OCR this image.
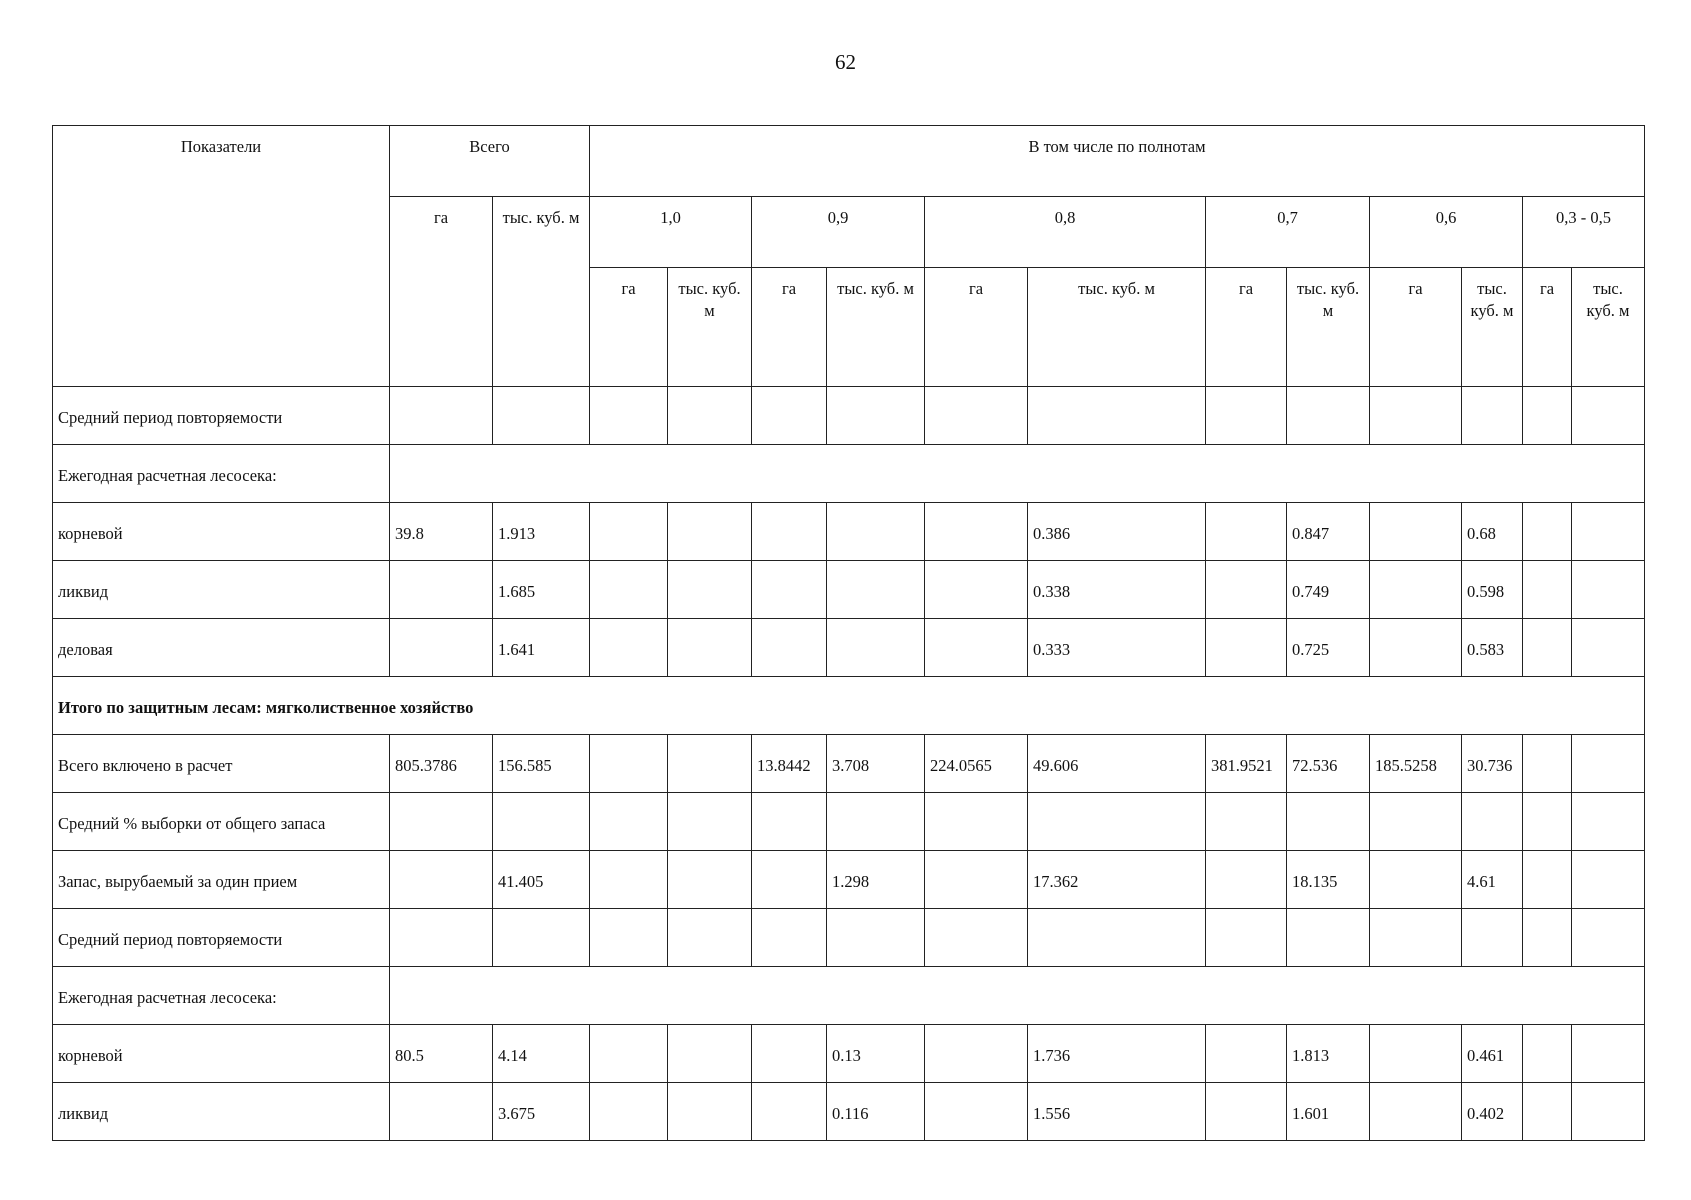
62
Показатели	Всего		В том числе по полнотам											
	га	тыс. куб. м	1,0		0,9		0,8		0,7		0,6		0,3 - 0,5	
			га	тыс. куб. м	га	тыс. куб. м	га	тыс. куб. м	га	тыс. куб. м	га	тыс. куб. м	га	тыс. куб. м
Средний период повторяемости														
Ежегодная расчетная лесосека:														
корневой	39.8	1.913						0.386		0.847		0.68		
ликвид		1.685						0.338		0.749		0.598		
деловая		1.641						0.333		0.725		0.583		
Итого по защитным лесам: мягколиственное хозяйство														
Всего включено в расчет	805.3786	156.585			13.8442	3.708	224.0565	49.606	381.9521	72.536	185.5258	30.736		
Средний % выборки от общего запаса														
Запас, вырубаемый за один прием		41.405				1.298		17.362		18.135		4.61		
Средний период повторяемости														
Ежегодная расчетная лесосека:														
корневой	80.5	4.14				0.13		1.736		1.813		0.461		
ликвид		3.675				0.116		1.556		1.601		0.402		
